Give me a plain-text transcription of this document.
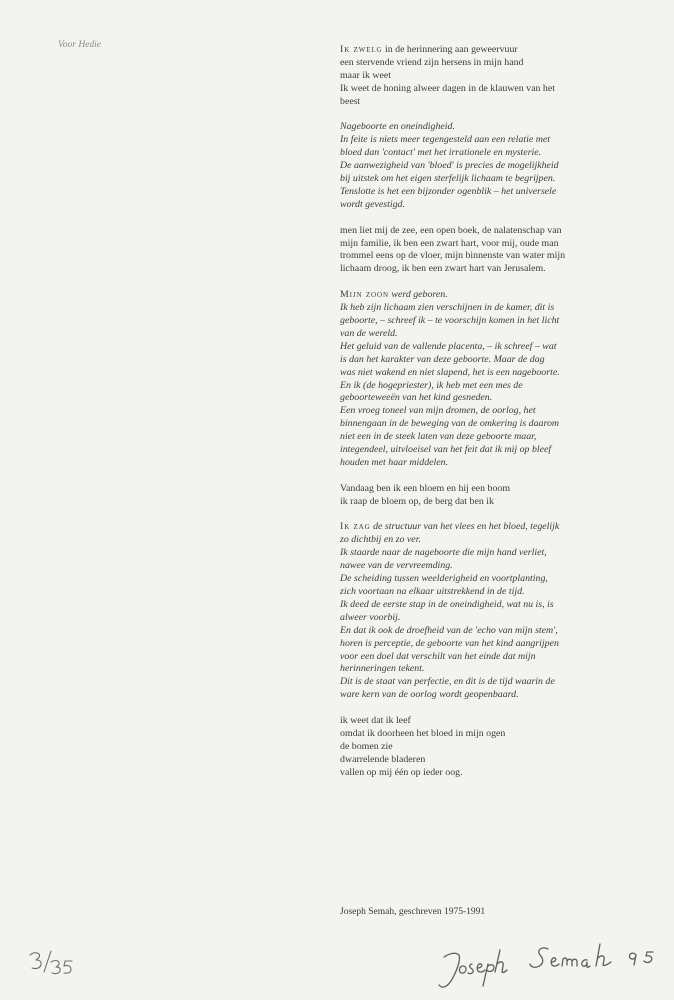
Voor Hedie	Ik zwelg in de herinnering aan geweervuur
een stervende vriend zijn hersens in mijn hand
maar ik weet
Ik weet de honing alweer dagen in de klauwen van het
beest
Nageboorte en oneindigheid.
In feite is niets meer tegengesteld aan een relatie met
bloed dan 'contact' met het irrationele en mysterie.
De aanwezigheid van 'bloed' is precies de mogelijkheid
bij uitstek om het eigen sterfelijk lichaam te begrijpen.
Tenslotte is het een bijzonder ogenblik – het universele
wordt gevestigd.
men liet mij de zee, een open boek, de nalatenschap van
mijn familie, ik ben een zwart hart, voor mij, oude man
trommel eens op de vloer, mijn binnenste van water mijn
lichaam droog, ik ben een zwart hart van Jerusalem.
Mijn zoon werd geboren.
Ik heb zijn lichaam zien verschijnen in de kamer, dit is
geboorte, – schreef ik – te voorschijn komen in het licht
van de wereld.
Het geluid van de vallende placenta, – ik schreef – wat
is dan het karakter van deze geboorte. Maar de dag
was niet wakend en niet slapend, het is een nageboorte.
En ik (de hogepriester), ik heb met een mes de
geboorteweeën van het kind gesneden.
Een vroeg toneel van mijn dromen, de oorlog, het
binnengaan in de beweging van de omkering is daarom
niet een in de steek laten van deze geboorte maar,
integendeel, uitvloeisel van het feit dat ik mij op bleef
houden met haar middelen.
Vandaag ben ik een bloem en hij een boom
ik raap de bloem op, de berg dat ben ik
Ik zag de structuur van het vlees en het bloed, tegelijk
zo dichtbij en zo ver.
Ik staarde naar de nageboorte die mijn hand verliet,
nawee van de vervreemding.
De scheiding tussen weelderigheid en voortplanting,
zich voortaan na elkaar uitstrekkend in de tijd.
Ik deed de eerste stap in de oneindigheid, wat nu is, is
alweer voorbij.
En dat ik ook de droefheid van de 'echo van mijn stem',
horen is perceptie, de geboorte van het kind aangrijpen
voor een doel dat verschilt van het einde dat mijn
herinneringen tekent.
Dit is de staat van perfectie, en dit is de tijd waarin de
ware kern van de oorlog wordt geopenbaard.
ik weet dat ik leef
omdat ik doorheen het bloed in mijn ogen
de bomen zie
dwarrelende bladeren
vallen op mij één op ieder oog.
Joseph Semah, geschreven 1975-1991
